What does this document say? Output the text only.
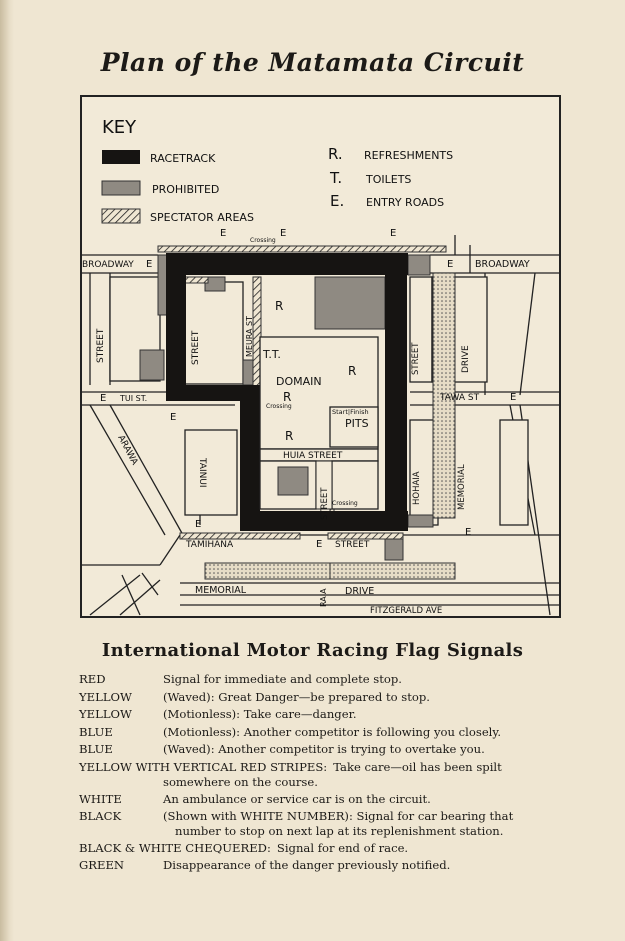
Plan of the Matamata Circuit
KEY
RACETRACK
PROHIBITED
SPECTATOR AREAS
R. REFRESHMENTS
T. TOILETS
E. ENTRY ROADS
BROADWAY	BROADWAY
STREET	STREET	MEURA ST
TUI ST.
ARAWA
TAINUI
T.T.
DOMAIN
PITS
Start|Finish
HUIA STREET
STREET	HOHAIA	MEMORIAL
STREET	DRIVE
TAWA ST
TAMIHANA	STREET
MEMORIAL	RAIA DRIVE
FITZGERALD AVE
Crossing
Crossing
Crossing
E	E	E
E	E
E	E
E
E
E
E
R
R
R
R
International Motor Racing Flag Signals
RED	Signal for immediate and complete stop.
YELLOW	(Waved): Great Danger—be prepared to stop.
YELLOW	(Motionless): Take care—danger.
BLUE	(Motionless): Another competitor is following you closely.
BLUE	(Waved): Another competitor is trying to overtake you.
YELLOW WITH VERTICAL RED STRIPES: Take care—oil has been spilt
somewhere on the course.
WHITE	An ambulance or service car is on the circuit.
BLACK	(Shown with WHITE NUMBER): Signal for car bearing that
number to stop on next lap at its replenishment station.
BLACK & WHITE CHEQUERED: Signal for end of race.
GREEN	Disappearance of the danger previously notified.
